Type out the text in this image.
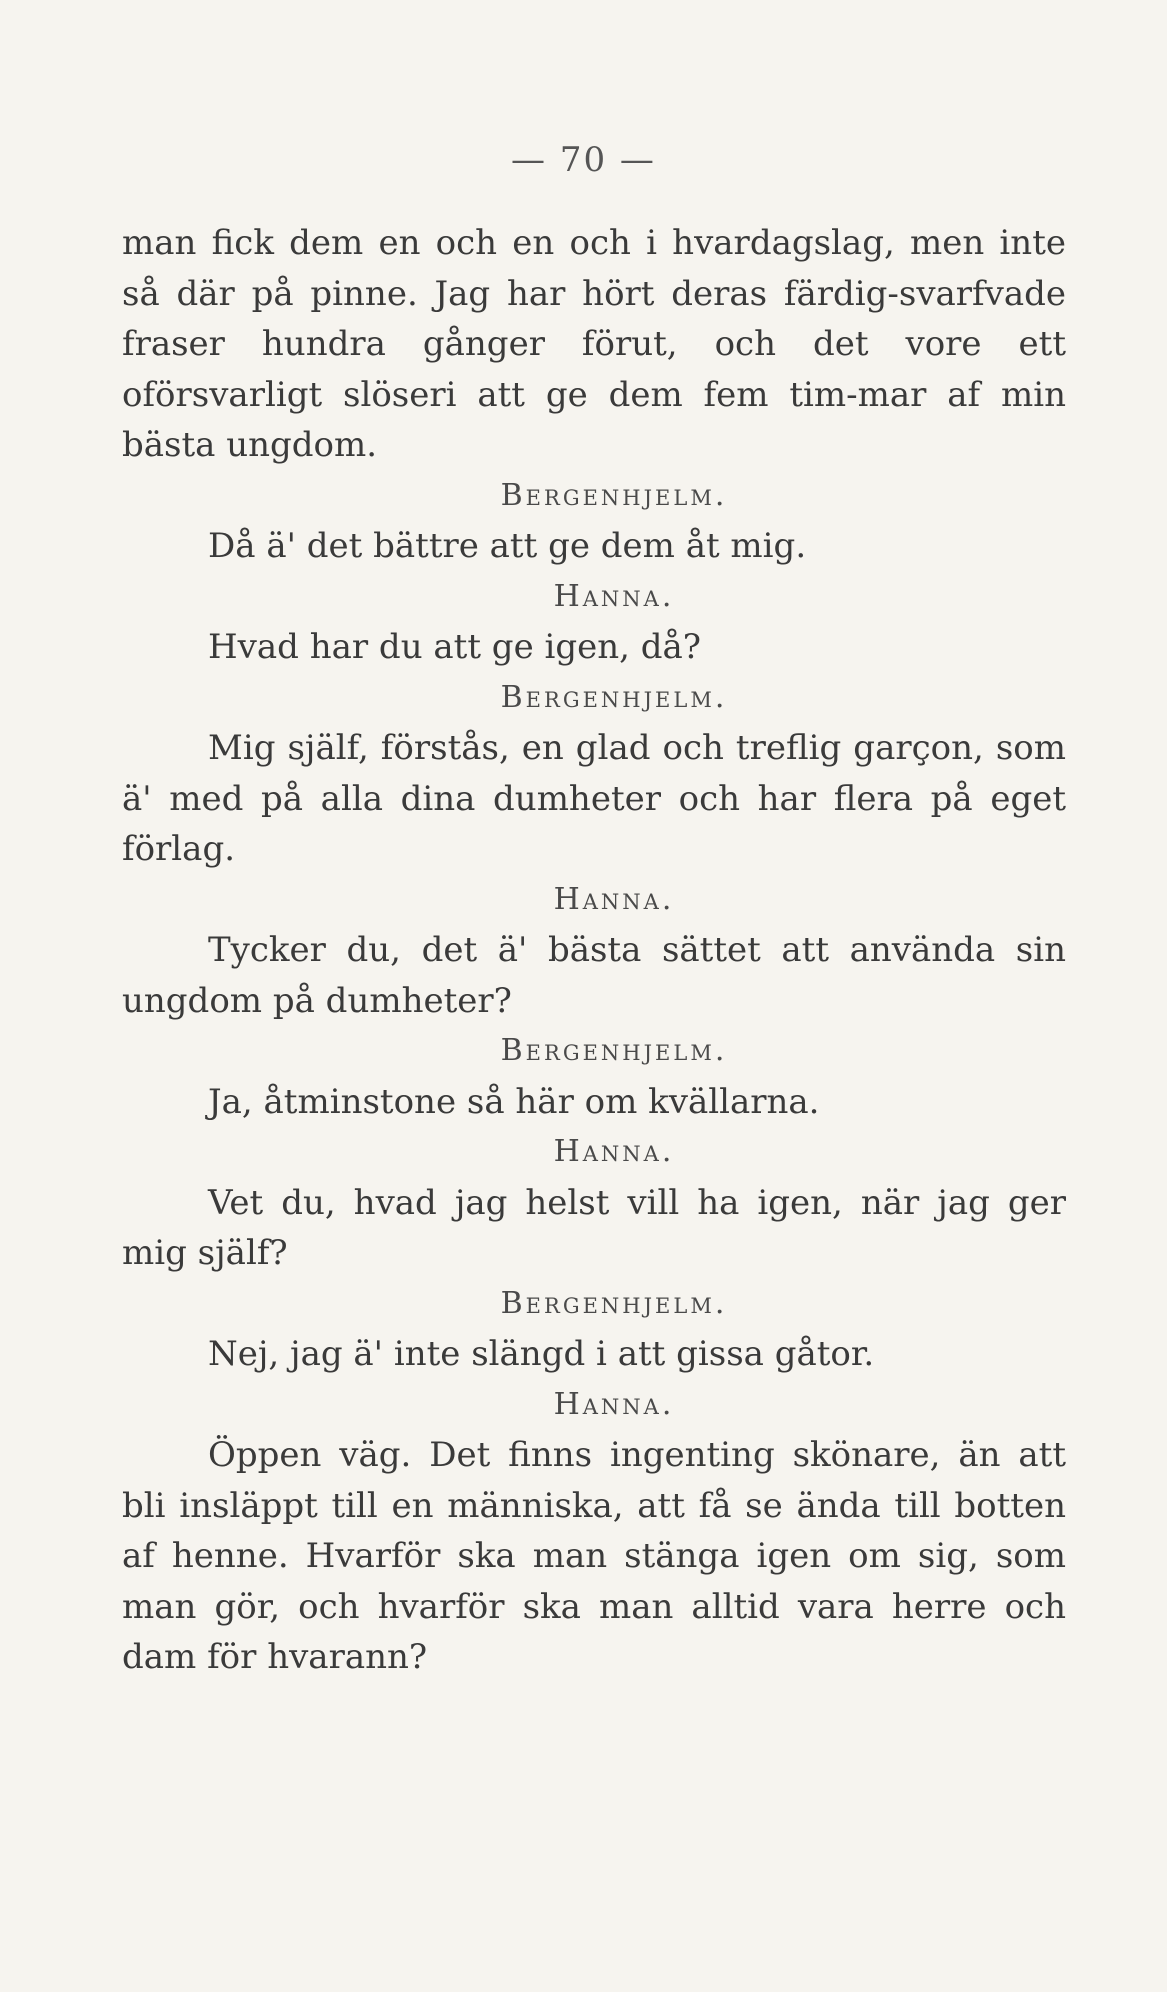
— 70 —

man fick dem en och en och i hvardagslag, men inte så där på pinne. Jag har hört deras färdig-svarfvade fraser hundra gånger förut, och det vore ett oförsvarligt slöseri att ge dem fem tim-mar af min bästa ungdom.

Bergenhjelm.

Då ä' det bättre att ge dem åt mig.

Hanna.

Hvad har du att ge igen, då?

Bergenhjelm.

Mig själf, förstås, en glad och treflig garçon, som ä' med på alla dina dumheter och har flera på eget förlag.

Hanna.

Tycker du, det ä' bästa sättet att använda sin ungdom på dumheter?

Bergenhjelm.

Ja, åtminstone så här om kvällarna.

Hanna.

Vet du, hvad jag helst vill ha igen, när jag ger mig själf?

Bergenhjelm.

Nej, jag ä' inte slängd i att gissa gåtor.

Hanna.

Öppen väg. Det finns ingenting skönare, än att bli insläppt till en människa, att få se ända till botten af henne. Hvarför ska man stänga igen om sig, som man gör, och hvarför ska man alltid vara herre och dam för hvarann?
